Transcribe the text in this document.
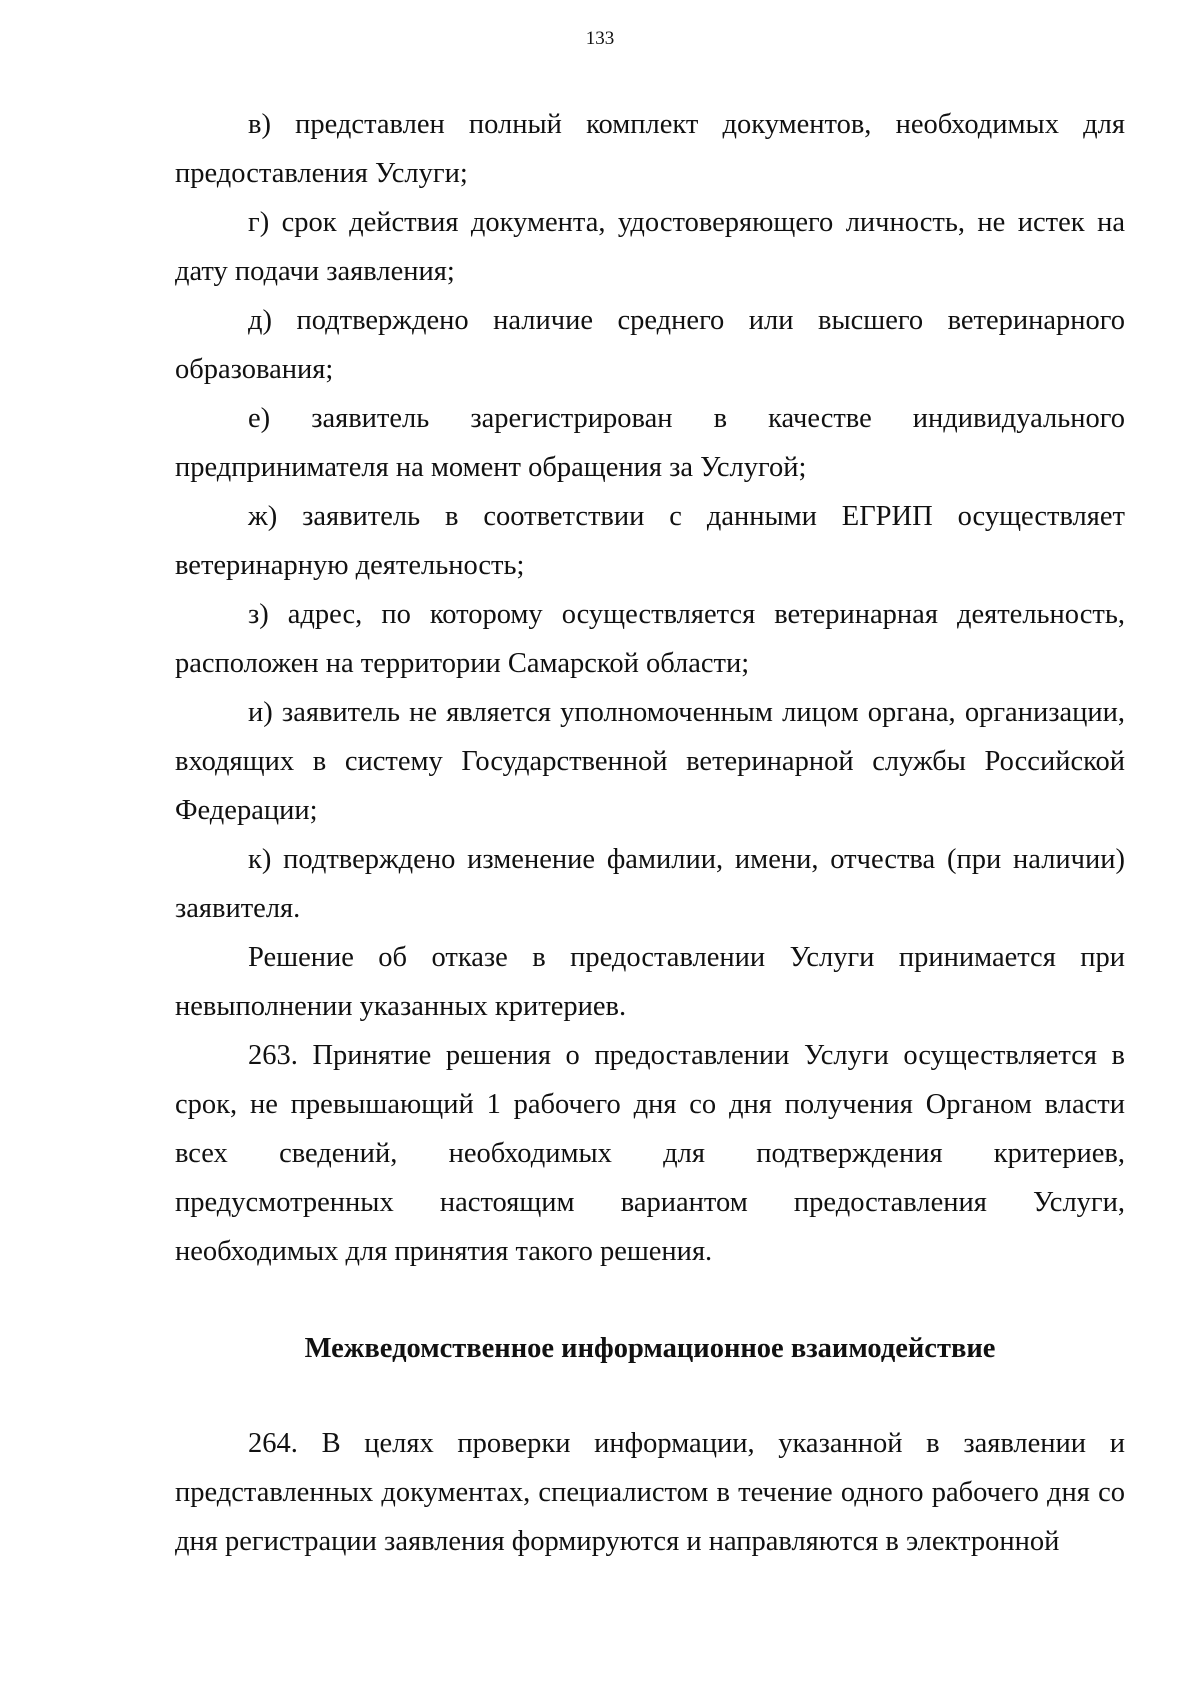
133

в) представлен полный комплект документов, необходимых для предоставления Услуги;

г) срок действия документа, удостоверяющего личность, не истек на дату подачи заявления;

д) подтверждено наличие среднего или высшего ветеринарного образования;

е) заявитель зарегистрирован в качестве индивидуального предпринимателя на момент обращения за Услугой;

ж) заявитель в соответствии с данными ЕГРИП осуществляет ветеринарную деятельность;

з) адрес, по которому осуществляется ветеринарная деятельность, расположен на территории Самарской области;

и) заявитель не является уполномоченным лицом органа, организации, входящих в систему Государственной ветеринарной службы Российской Федерации;

к) подтверждено изменение фамилии, имени, отчества (при наличии) заявителя.

Решение об отказе в предоставлении Услуги принимается при невыполнении указанных критериев.

263. Принятие решения о предоставлении Услуги осуществляется в срок, не превышающий 1 рабочего дня со дня получения Органом власти всех сведений, необходимых для подтверждения критериев, предусмотренных настоящим вариантом предоставления Услуги, необходимых для принятия такого решения.

Межведомственное информационное взаимодействие

264. В целях проверки информации, указанной в заявлении и представленных документах, специалистом в течение одного рабочего дня со дня регистрации заявления формируются и направляются в электронной
